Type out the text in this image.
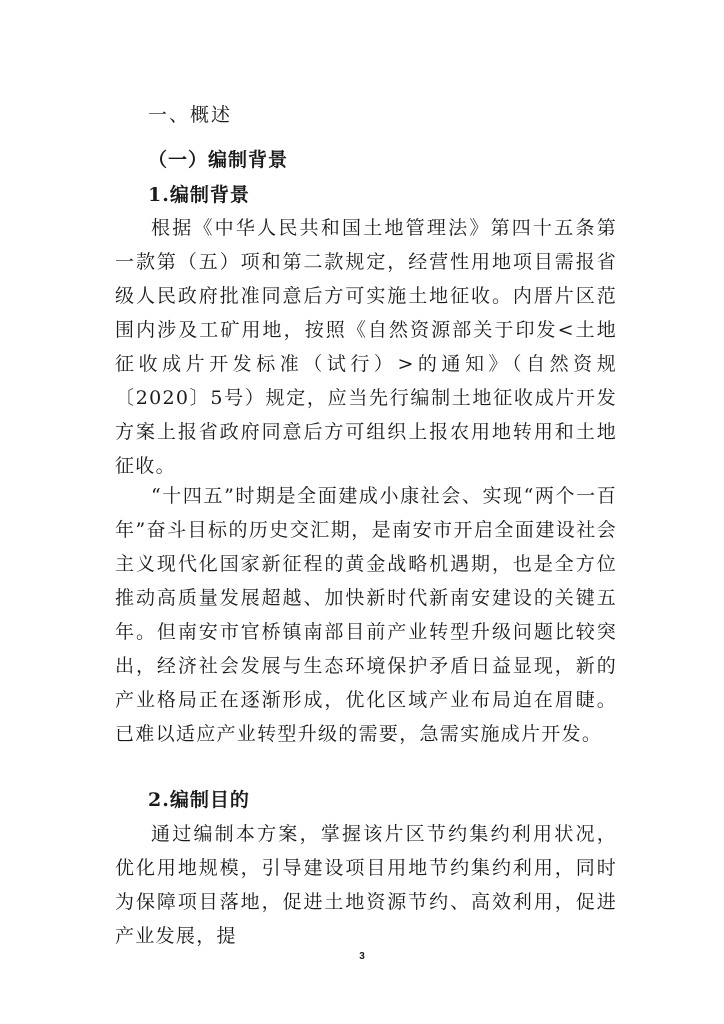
一、概述
（一）编制背景
1.编制背景

根据《中华人民共和国土地管理法》第四十五条第一款第（五）项和第二款规定，经营性用地项目需报省级人民政府批准同意后方可实施土地征收。内厝片区范围内涉及工矿用地，按照《自然资源部关于印发<土地征收成片开发标准（试行）>的通知》（自然资规〔2020〕5号）规定，应当先行编制土地征收成片开发方案上报省政府同意后方可组织上报农用地转用和土地征收。

“十四五”时期是全面建成小康社会、实现“两个一百年”奋斗目标的历史交汇期，是南安市开启全面建设社会主义现代化国家新征程的黄金战略机遇期，也是全方位推动高质量发展超越、加快新时代新南安建设的关键五年。但南安市官桥镇南部目前产业转型升级问题比较突出，经济社会发展与生态环境保护矛盾日益显现，新的产业格局正在逐渐形成，优化区域产业布局迫在眉睫。已难以适应产业转型升级的需要，急需实施成片开发。

2.编制目的

通过编制本方案，掌握该片区节约集约利用状况，优化用地规模，引导建设项目用地节约集约利用，同时为保障项目落地，促进土地资源节约、高效利用，促进产业发展，提

3
